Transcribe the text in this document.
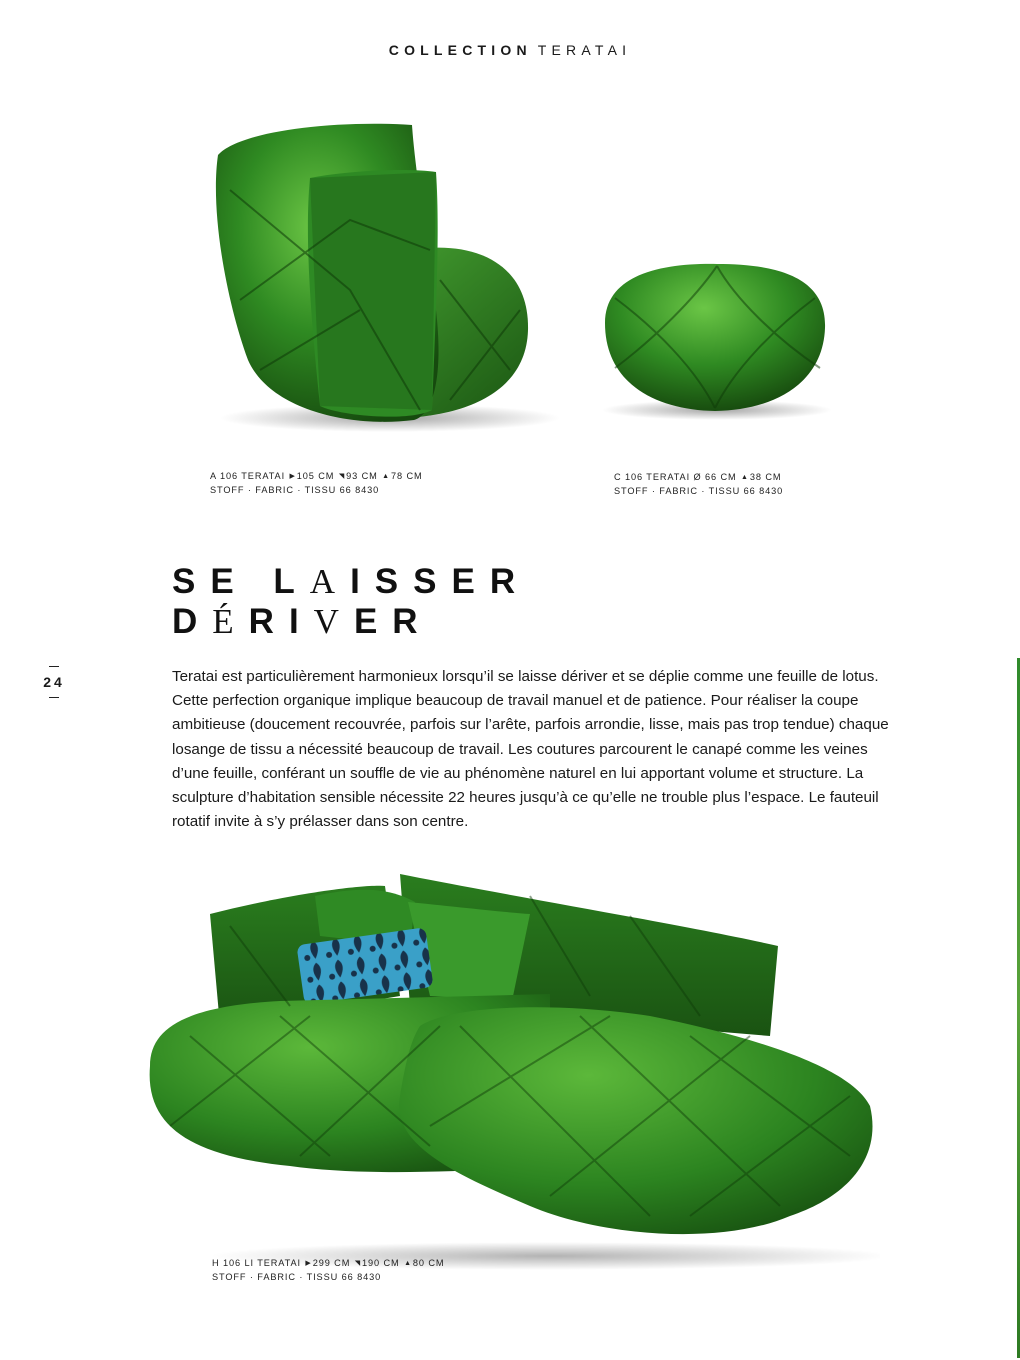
COLLECTION TERATAI
A 106 TERATAI ▶105 CM ◥93 CM ▲78 CM
STOFF · FABRIC · TISSU 66 8430
C 106 TERATAI Ø 66 CM ▲38 CM
STOFF · FABRIC · TISSU 66 8430
SE LAISSER
DÉRIVER
24	Teratai est particulièrement harmonieux lorsqu’il se laisse dériver et se déplie comme une feuille de lotus. Cette perfection organique implique beaucoup de travail manuel et de patience. Pour réaliser la coupe ambitieuse (doucement recouvrée, parfois sur l’arête, parfois arrondie, lisse, mais pas trop tendue) chaque losange de tissu a nécessité beaucoup de travail. Les coutures parcourent le canapé comme les veines d’une feuille, conférant un souffle de vie au phénomène naturel en lui apportant volume et structure. La sculpture d’habitation sensible nécessite 22 heures jusqu’à ce qu’elle ne trouble plus l’espace. Le fauteuil rotatif invite à s’y prélasser dans son centre.
H 106 LI TERATAI ▶299 CM ◥190 CM ▲80 CM
STOFF · FABRIC · TISSU 66 8430
